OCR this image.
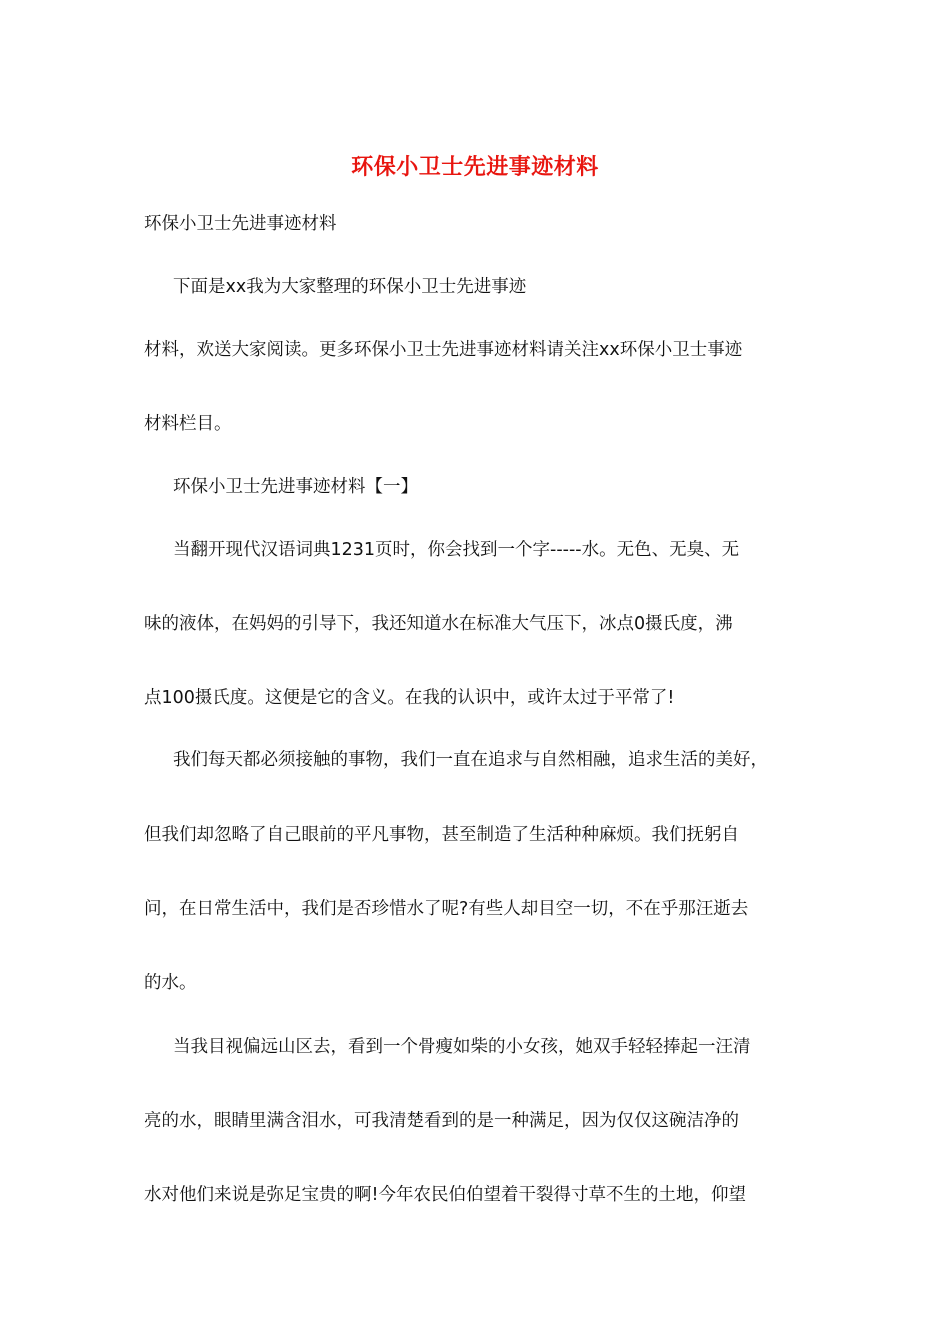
环保小卫士先进事迹材料
环保小卫士先进事迹材料
下面是xx我为大家整理的环保小卫士先进事迹
材料，欢送大家阅读。更多环保小卫士先进事迹材料请关注xx环保小卫士事迹
材料栏目。
环保小卫士先进事迹材料【一】
当翻开现代汉语词典1231页时，你会找到一个字-----水。无色、无臭、无
味的液体，在妈妈的引导下，我还知道水在标准大气压下，冰点0摄氏度，沸
点100摄氏度。这便是它的含义。在我的认识中，或许太过于平常了!
我们每天都必须接触的事物，我们一直在追求与自然相融，追求生活的美好，
但我们却忽略了自己眼前的平凡事物，甚至制造了生活种种麻烦。我们抚躬自
问，在日常生活中，我们是否珍惜水了呢?有些人却目空一切，不在乎那汪逝去
的水。
当我目视偏远山区去，看到一个骨瘦如柴的小女孩，她双手轻轻捧起一汪清
亮的水，眼睛里满含泪水，可我清楚看到的是一种满足，因为仅仅这碗洁净的
水对他们来说是弥足宝贵的啊!今年农民伯伯望着干裂得寸草不生的土地，仰望
